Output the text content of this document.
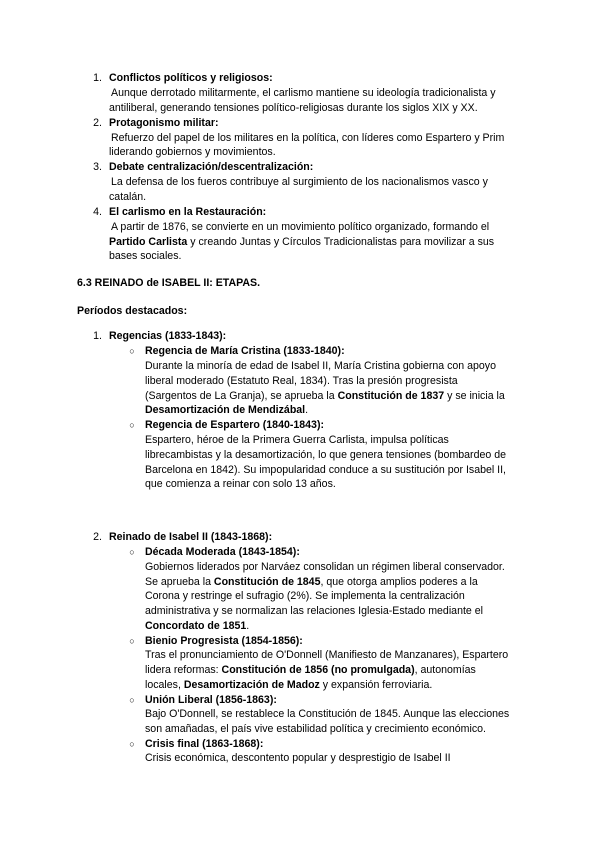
1. Conflictos políticos y religiosos:
Aunque derrotado militarmente, el carlismo mantiene su ideología tradicionalista y
antiliberal, generando tensiones político-religiosas durante los siglos XIX y XX.
2. Protagonismo militar:
Refuerzo del papel de los militares en la política, con líderes como Espartero y Prim
liderando gobiernos y movimientos.
3. Debate centralización/descentralización:
La defensa de los fueros contribuye al surgimiento de los nacionalismos vasco y
catalán.
4. El carlismo en la Restauración:
A partir de 1876, se convierte en un movimiento político organizado, formando el
Partido Carlista y creando Juntas y Círculos Tradicionalistas para movilizar a sus
bases sociales.
6.3 REINADO de ISABEL II: ETAPAS.
Períodos destacados:
1. Regencias (1833-1843):
○ Regencia de María Cristina (1833-1840):
Durante la minoría de edad de Isabel II, María Cristina gobierna con apoyo
liberal moderado (Estatuto Real, 1834). Tras la presión progresista
(Sargentos de La Granja), se aprueba la Constitución de 1837 y se inicia la
Desamortización de Mendizábal.
○ Regencia de Espartero (1840-1843):
Espartero, héroe de la Primera Guerra Carlista, impulsa políticas
librecambistas y la desamortización, lo que genera tensiones (bombardeo de
Barcelona en 1842). Su impopularidad conduce a su sustitución por Isabel II,
que comienza a reinar con solo 13 años.
2. Reinado de Isabel II (1843-1868):
○ Década Moderada (1843-1854):
Gobiernos liderados por Narváez consolidan un régimen liberal conservador.
Se aprueba la Constitución de 1845, que otorga amplios poderes a la
Corona y restringe el sufragio (2%). Se implementa la centralización
administrativa y se normalizan las relaciones Iglesia-Estado mediante el
Concordato de 1851.
○ Bienio Progresista (1854-1856):
Tras el pronunciamiento de O'Donnell (Manifiesto de Manzanares), Espartero
lidera reformas: Constitución de 1856 (no promulgada), autonomías
locales, Desamortización de Madoz y expansión ferroviaria.
○ Unión Liberal (1856-1863):
Bajo O'Donnell, se restablece la Constitución de 1845. Aunque las elecciones
son amañadas, el país vive estabilidad política y crecimiento económico.
○ Crisis final (1863-1868):
Crisis económica, descontento popular y desprestigio de Isabel II
